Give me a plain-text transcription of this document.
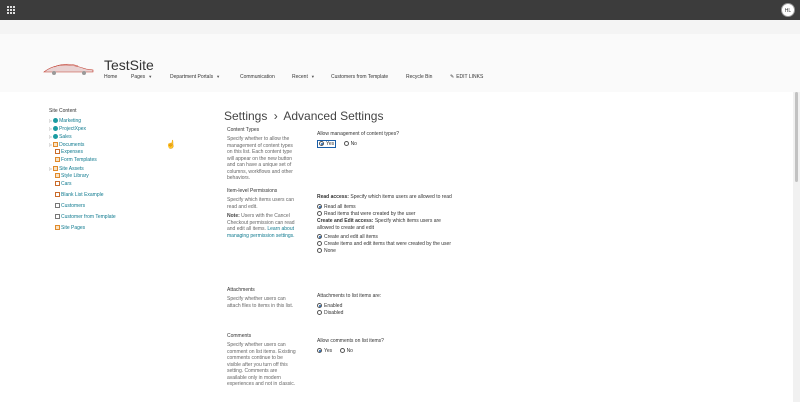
HL
TestSite
Home	Pages ▼	Department Portals ▼	Communication	Recent ▼	Customers from Template	Recycle Bin	✎ EDIT LINKS
Site Content
▷ Marketing
▷ ProjectXpex
▷ Sales
▷ Documents
Expenses
Form Templates
▷ Site Assets
Style Library
Cars
Blank List Example
Customers
Customer from Template
Site Pages
Settings › Advanced Settings
Content Types
Specify whether to allow the management of content types on this list. Each content type will appear on the new button and can have a unique set of columns, workflows and other behaviors.
Allow management of content types?
Yes	No
Item-level Permissions
Specify which items users can read and edit.
Note: Users with the Cancel Checkout permission can read and edit all items. Learn about managing permission settings.
Read access: Specify which items users are allowed to read
Read all items
Read items that were created by the user
Create and Edit access: Specify which items users are allowed to create and edit
Create and edit all items
Create items and edit items that were created by the user
None
Attachments
Specify whether users can attach files to items in this list.
Attachments to list items are:
Enabled
Disabled
Comments
Specify whether users can comment on list items. Existing comments continue to be visible after you turn off this setting. Comments are available only in modern experiences and not in classic.
Allow comments on list items?
Yes	No
☝
